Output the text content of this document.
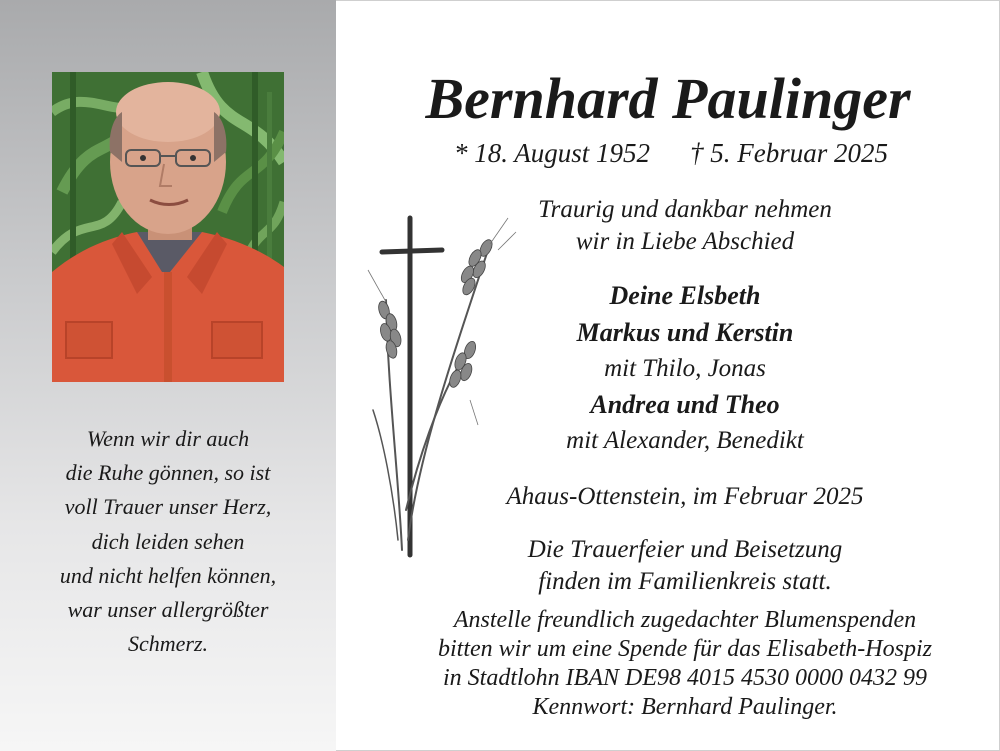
Wenn wir dir auch
die Ruhe gönnen, so ist
voll Trauer unser Herz,
dich leiden sehen
und nicht helfen können,
war unser allergrößter
Schmerz.
Bernhard Paulinger
* 18. August 1952 † 5. Februar 2025
Traurig und dankbar nehmen
wir in Liebe Abschied
Deine Elsbeth
Markus und Kerstin
mit Thilo, Jonas
Andrea und Theo
mit Alexander, Benedikt
Ahaus-Ottenstein, im Februar 2025
Die Trauerfeier und Beisetzung
finden im Familienkreis statt.
Anstelle freundlich zugedachter Blumenspenden
bitten wir um eine Spende für das Elisabeth-Hospiz
in Stadtlohn IBAN DE98 4015 4530 0000 0432 99
Kennwort: Bernhard Paulinger.
